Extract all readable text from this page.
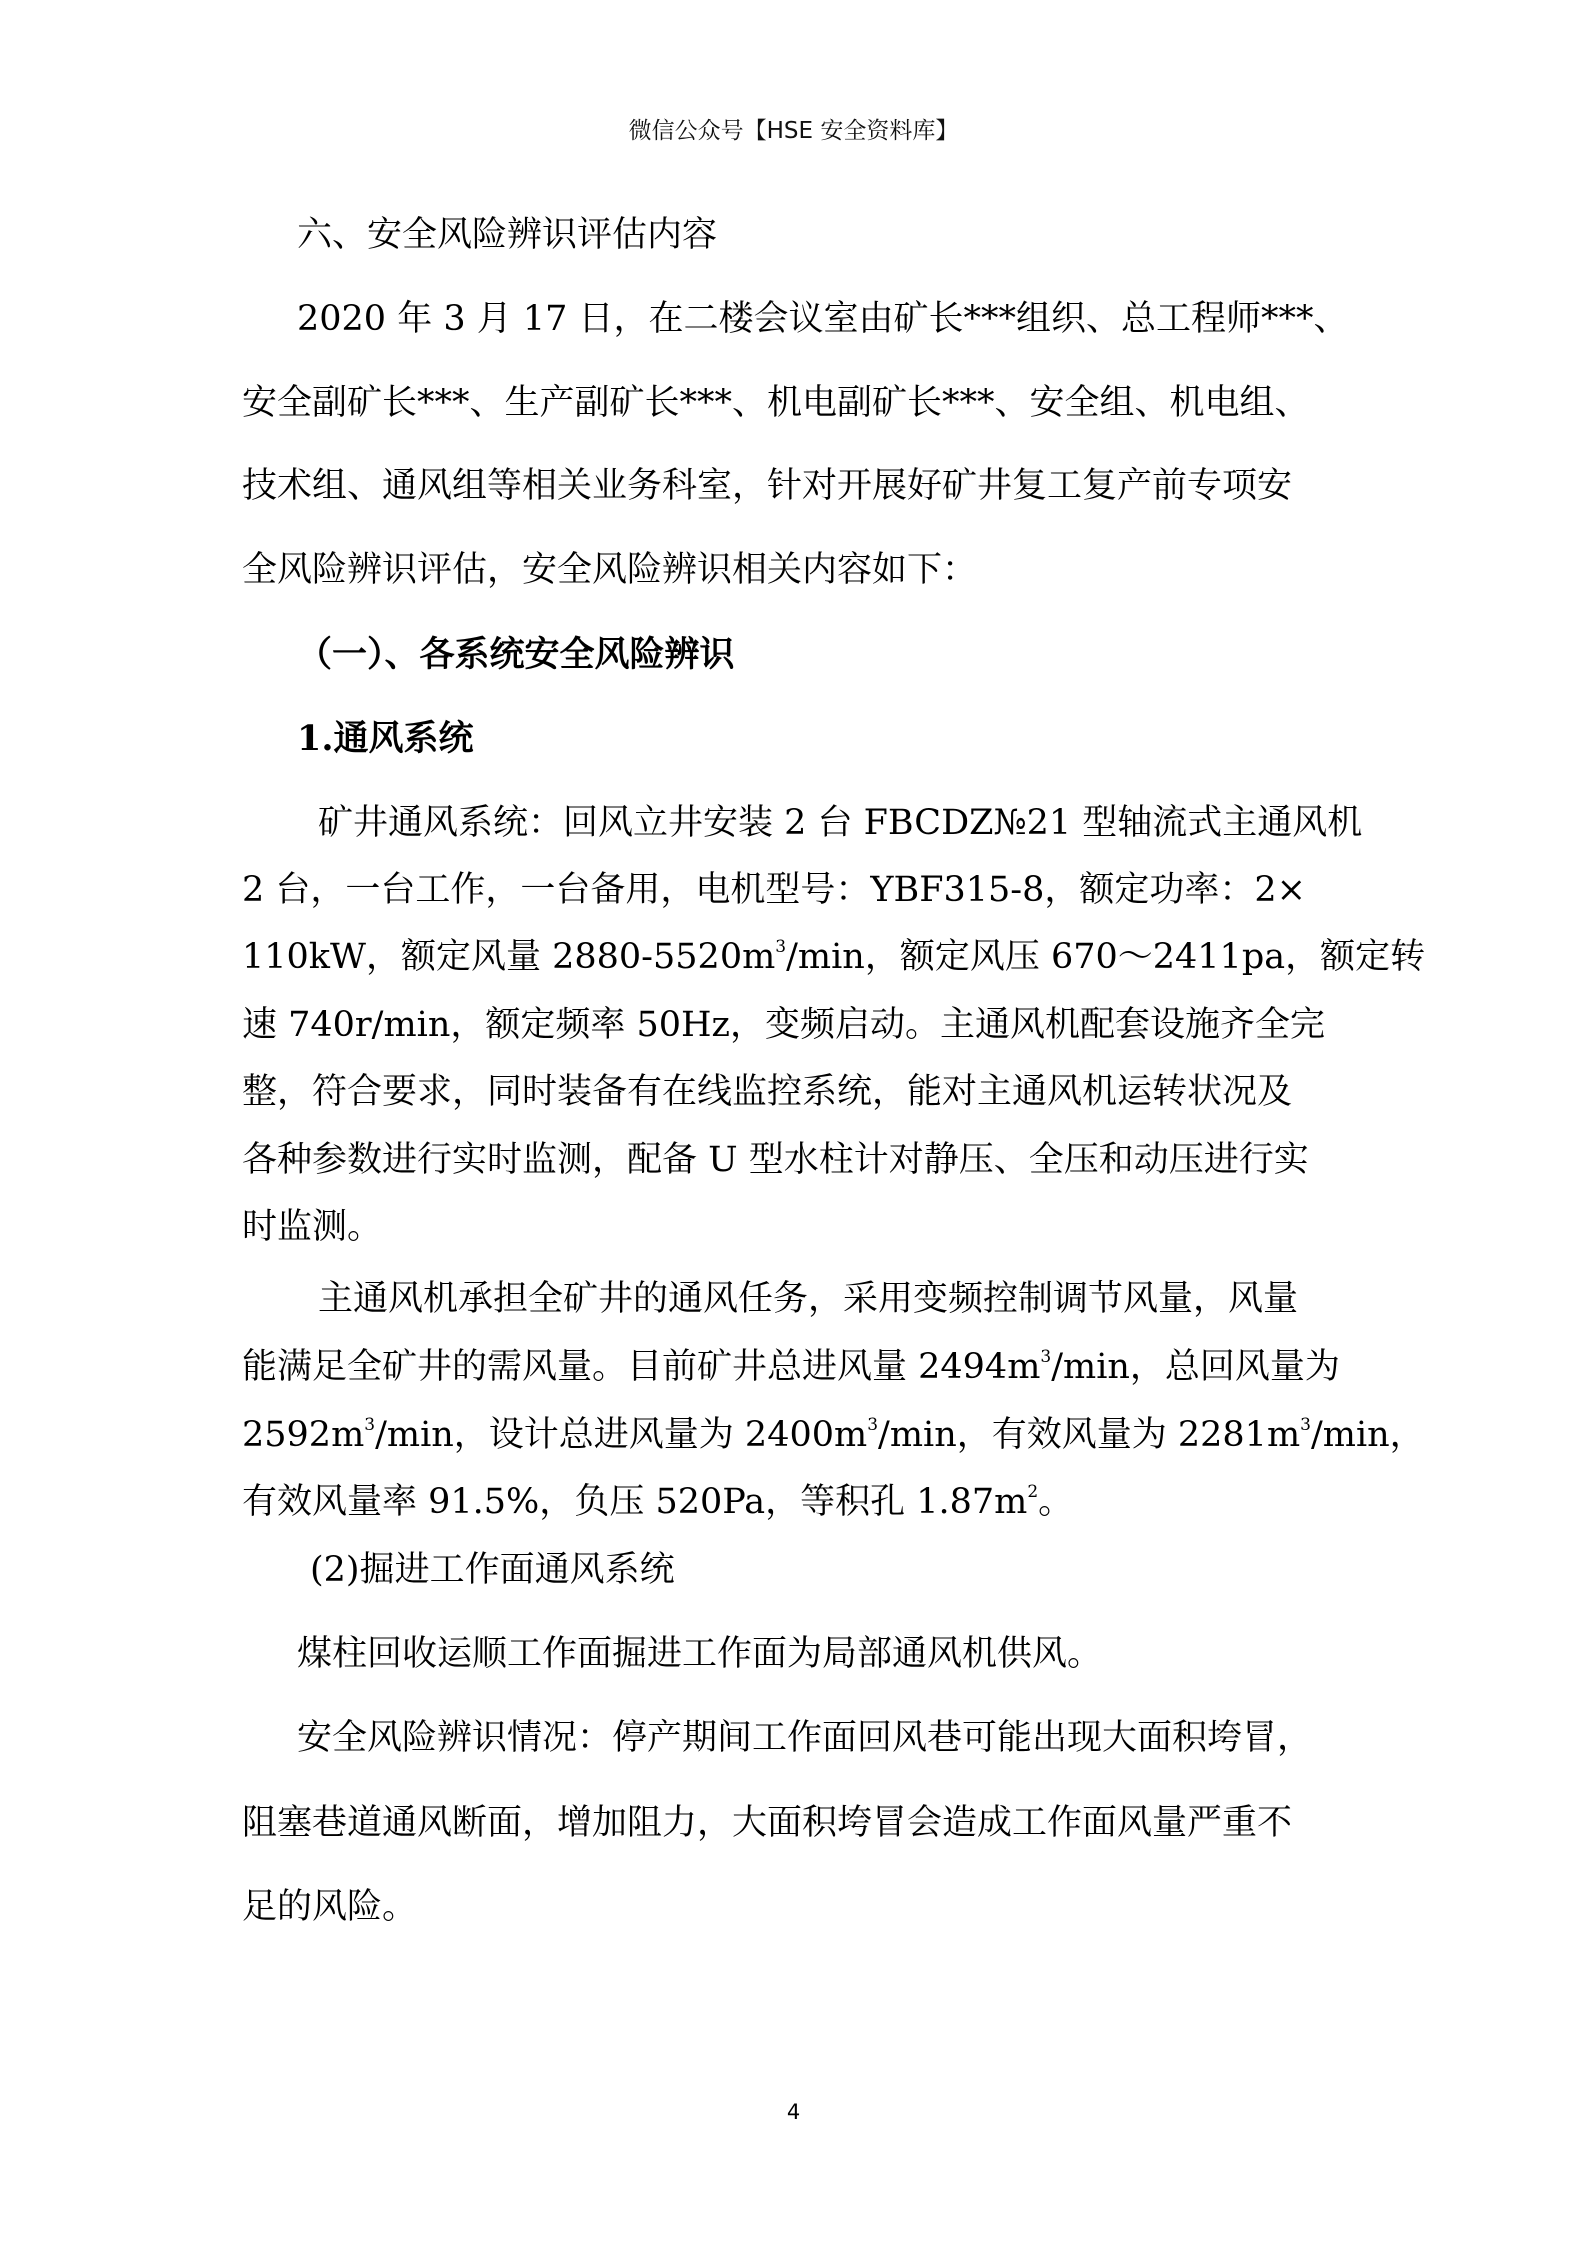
微信公众号【HSE 安全资料库】
六、安全风险辨识评估内容
2020 年 3 月 17 日，在二楼会议室由矿长***组织、总工程师***、
安全副矿长***、生产副矿长***、机电副矿长***、安全组、机电组、
技术组、通风组等相关业务科室，针对开展好矿井复工复产前专项安
全风险辨识评估，安全风险辨识相关内容如下：
（一）、各系统安全风险辨识
1.通风系统
矿井通风系统：回风立井安装 2 台 FBCDZ№21 型轴流式主通风机
2 台，一台工作，一台备用，电机型号：YBF315-8，额定功率：2×
110kW，额定风量 $2880-5520m^3/\min$，额定风压 670～2411pa，额定转
速 740r/min，额定频率 50Hz，变频启动。主通风机配套设施齐全完
整，符合要求，同时装备有在线监控系统，能对主通风机运转状况及
各种参数进行实时监测，配备 U 型水柱计对静压、全压和动压进行实
时监测。
主通风机承担全矿井的通风任务，采用变频控制调节风量，风量
能满足全矿井的需风量。目前矿井总进风量 $2494m^3/\min$，总回风量为
$2592m^3/\min$，设计总进风量为 $2400m^3/\min$，有效风量为 $2281m^3/\min$，
有效风量率 91.5%，负压 520Pa，等积孔 $1.87m^2$。
(2)掘进工作面通风系统
煤柱回收运顺工作面掘进工作面为局部通风机供风。
安全风险辨识情况：停产期间工作面回风巷可能出现大面积垮冒，
阻塞巷道通风断面，增加阻力，大面积垮冒会造成工作面风量严重不
足的风险。
4
